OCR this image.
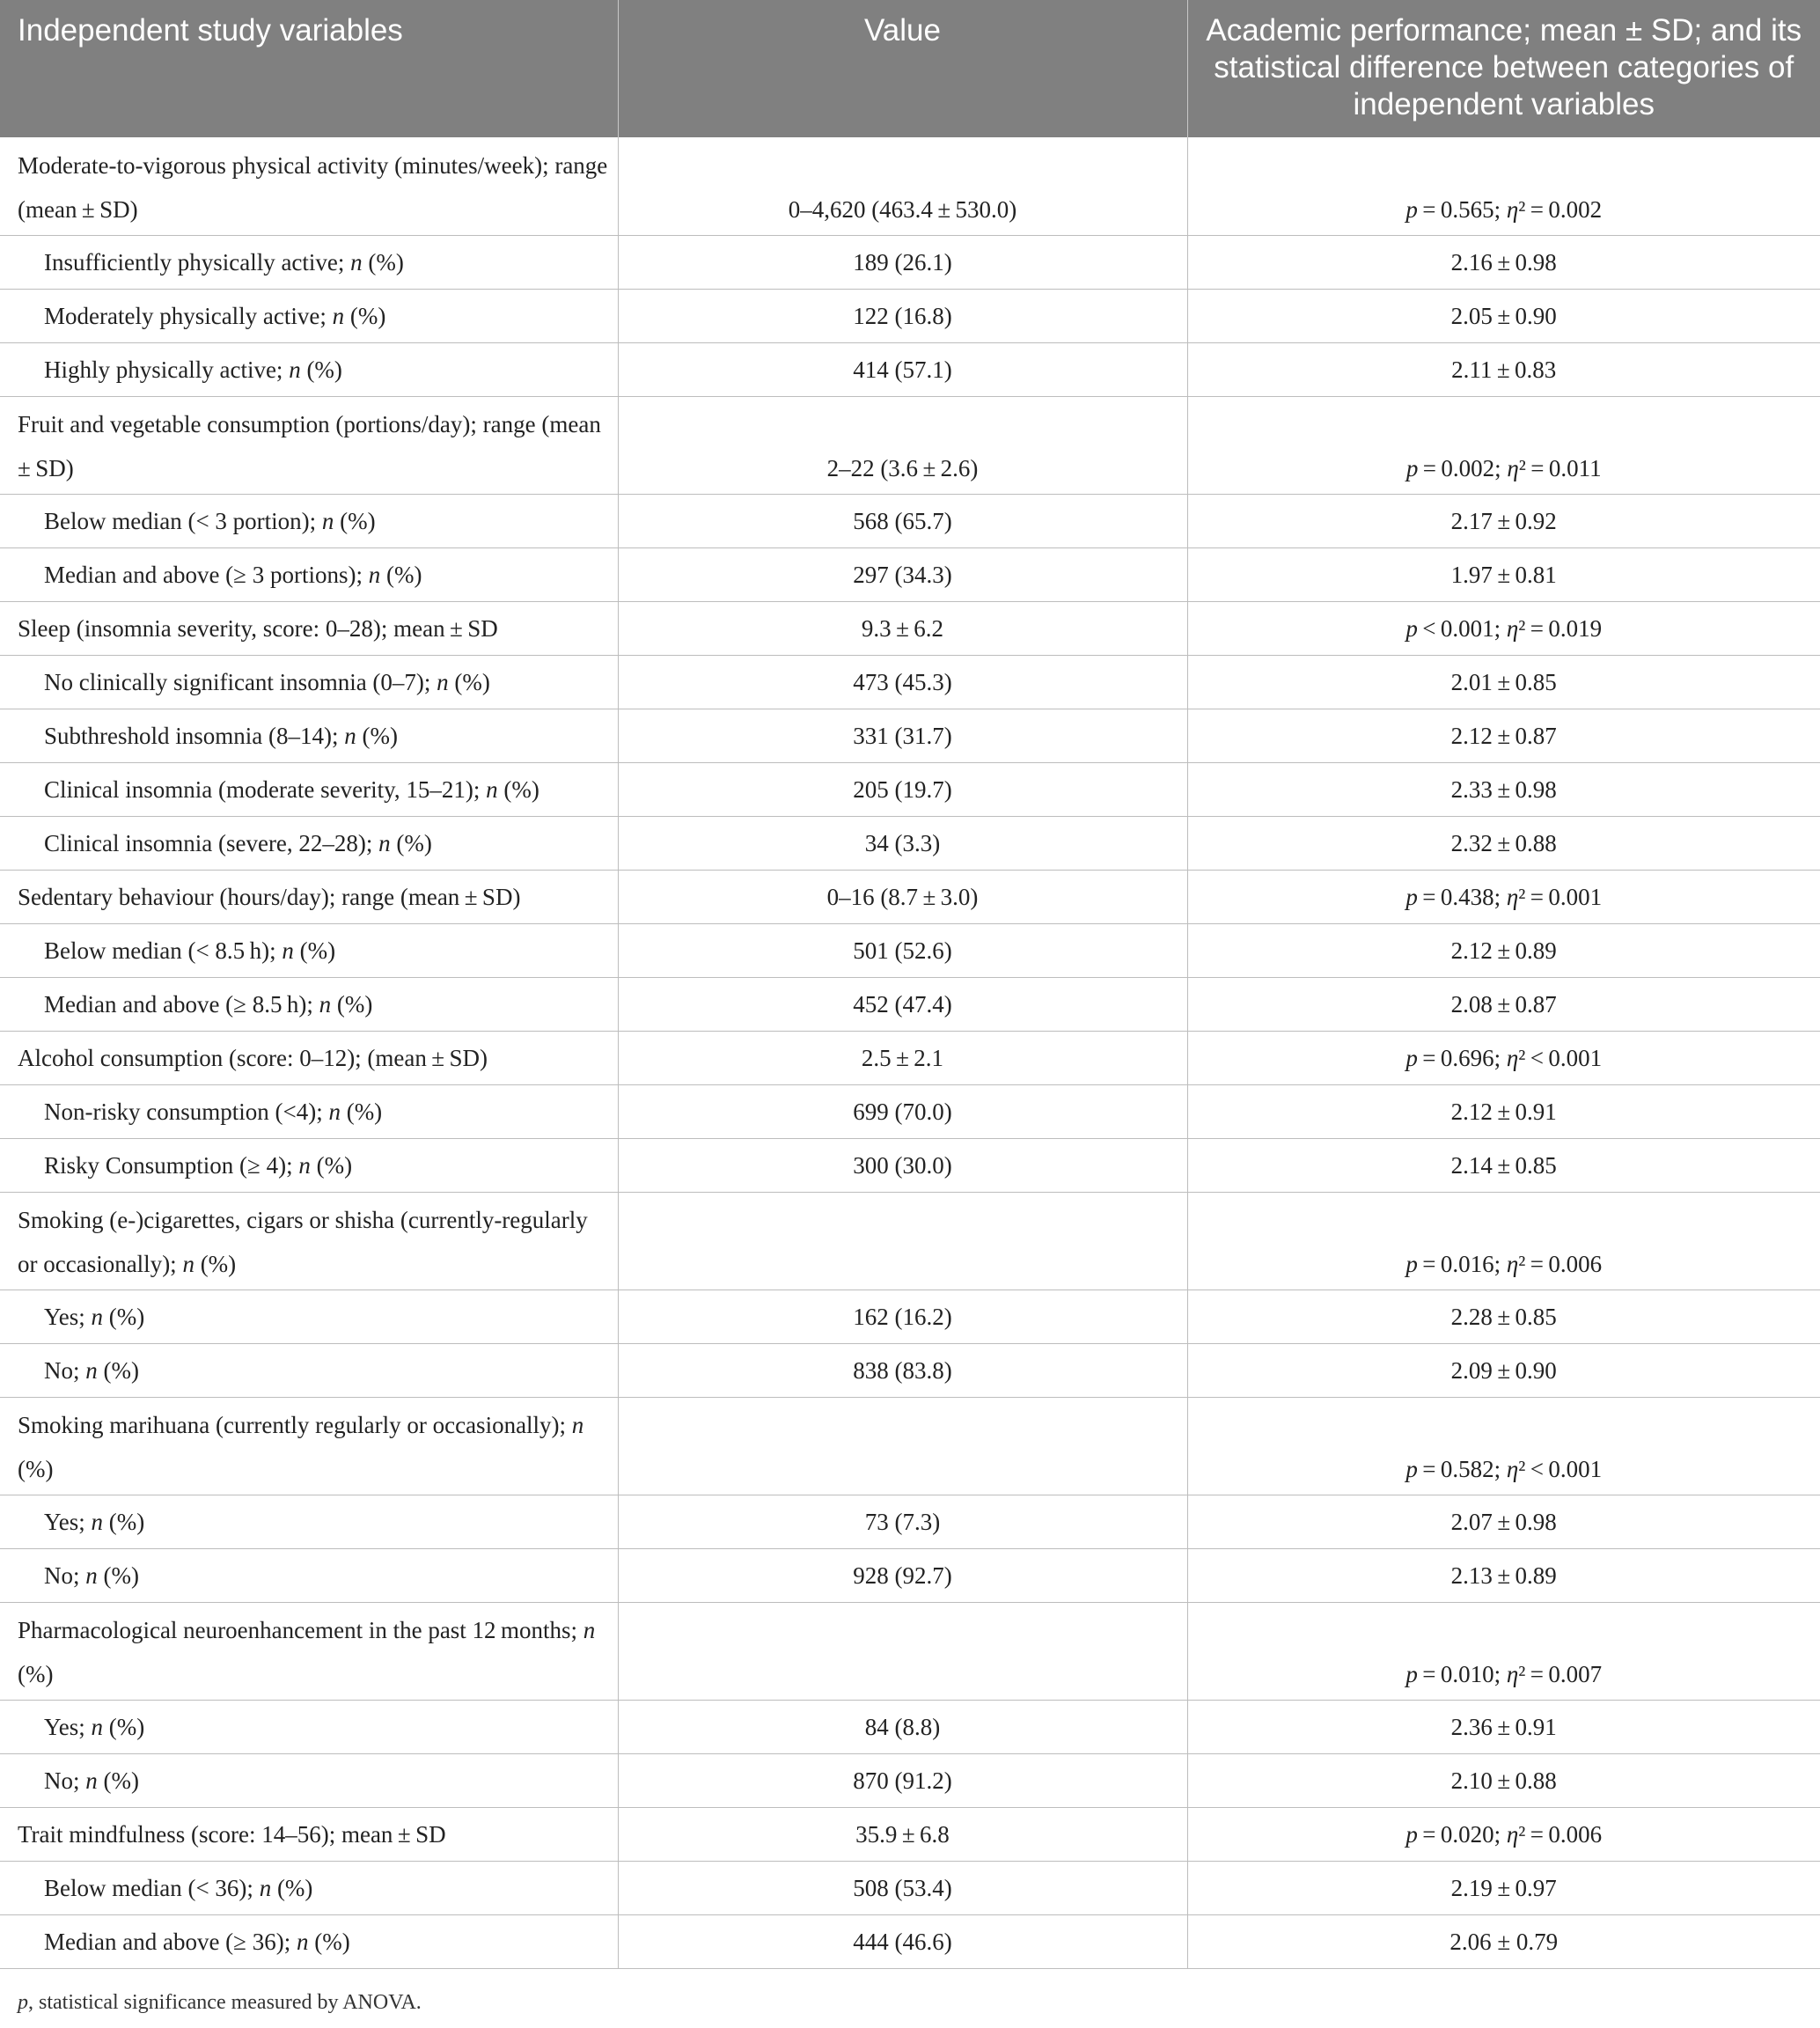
Independent study variables	Value	Academic performance; mean ± SD; and its statistical difference between categories of independent variables
Moderate-to-vigorous physical activity (minutes/week); range (mean ± SD)	0–4,620 (463.4 ± 530.0)	p = 0.565; η² = 0.002
Insufficiently physically active; n (%)	189 (26.1)	2.16 ± 0.98
Moderately physically active; n (%)	122 (16.8)	2.05 ± 0.90
Highly physically active; n (%)	414 (57.1)	2.11 ± 0.83
Fruit and vegetable consumption (portions/day); range (mean ± SD)	2–22 (3.6 ± 2.6)	p = 0.002; η² = 0.011
Below median (< 3 portion); n (%)	568 (65.7)	2.17 ± 0.92
Median and above (≥ 3 portions); n (%)	297 (34.3)	1.97 ± 0.81
Sleep (insomnia severity, score: 0–28); mean ± SD	9.3 ± 6.2	p < 0.001; η² = 0.019
No clinically significant insomnia (0–7); n (%)	473 (45.3)	2.01 ± 0.85
Subthreshold insomnia (8–14); n (%)	331 (31.7)	2.12 ± 0.87
Clinical insomnia (moderate severity, 15–21); n (%)	205 (19.7)	2.33 ± 0.98
Clinical insomnia (severe, 22–28); n (%)	34 (3.3)	2.32 ± 0.88
Sedentary behaviour (hours/day); range (mean ± SD)	0–16 (8.7 ± 3.0)	p = 0.438; η² = 0.001
Below median (< 8.5 h); n (%)	501 (52.6)	2.12 ± 0.89
Median and above (≥ 8.5 h); n (%)	452 (47.4)	2.08 ± 0.87
Alcohol consumption (score: 0–12); (mean ± SD)	2.5 ± 2.1	p = 0.696; η² < 0.001
Non-risky consumption (<4); n (%)	699 (70.0)	2.12 ± 0.91
Risky Consumption (≥ 4); n (%)	300 (30.0)	2.14 ± 0.85
Smoking (e-)cigarettes, cigars or shisha (currently-regularly or occasionally); n (%)		p = 0.016; η² = 0.006
Yes; n (%)	162 (16.2)	2.28 ± 0.85
No; n (%)	838 (83.8)	2.09 ± 0.90
Smoking marihuana (currently regularly or occasionally); n (%)		p = 0.582; η² < 0.001
Yes; n (%)	73 (7.3)	2.07 ± 0.98
No; n (%)	928 (92.7)	2.13 ± 0.89
Pharmacological neuroenhancement in the past 12 months; n (%)		p = 0.010; η² = 0.007
Yes; n (%)	84 (8.8)	2.36 ± 0.91
No; n (%)	870 (91.2)	2.10 ± 0.88
Trait mindfulness (score: 14–56); mean ± SD	35.9 ± 6.8	p = 0.020; η² = 0.006
Below median (< 36); n (%)	508 (53.4)	2.19 ± 0.97
Median and above (≥ 36); n (%)	444 (46.6)	2.06 ± 0.79
p, statistical significance measured by ANOVA.
